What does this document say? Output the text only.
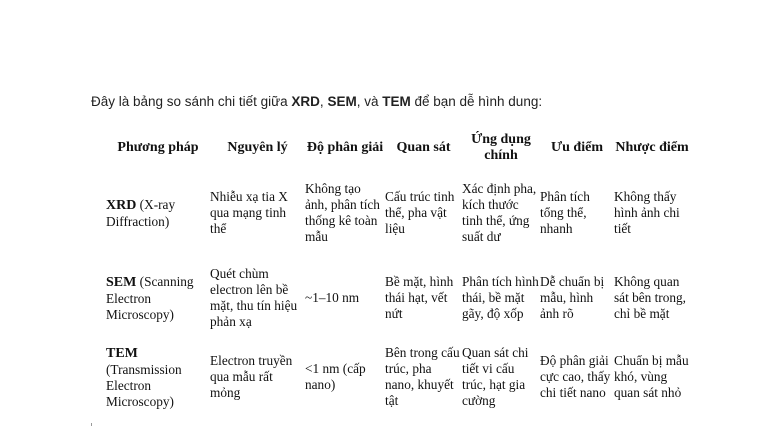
Đây là bảng so sánh chi tiết giữa XRD, SEM, và TEM để bạn dễ hình dung:
Phương pháp	Nguyên lý	Độ phân giải	Quan sát	Ứng dụng chính	Ưu điểm	Nhược điểm
XRD (X-ray Diffraction)	Nhiễu xạ tia X qua mạng tinh thể	Không tạo ảnh, phân tích thống kê toàn mẫu	Cấu trúc tinh thể, pha vật liệu	Xác định pha, kích thước tinh thể, ứng suất dư	Phân tích tổng thể, nhanh	Không thấy hình ảnh chi tiết
SEM (Scanning Electron Microscopy)	Quét chùm electron lên bề mặt, thu tín hiệu phản xạ	~1–10 nm	Bề mặt, hình thái hạt, vết nứt	Phân tích hình thái, bề mặt gãy, độ xốp	Dễ chuẩn bị mẫu, hình ảnh rõ	Không quan sát bên trong, chỉ bề mặt
TEM (Transmission Electron Microscopy)	Electron truyền qua mẫu rất mỏng	<1 nm (cấp nano)	Bên trong cấu trúc, pha nano, khuyết tật	Quan sát chi tiết vi cấu trúc, hạt gia cường	Độ phân giải cực cao, thấy chi tiết nano	Chuẩn bị mẫu khó, vùng quan sát nhỏ
